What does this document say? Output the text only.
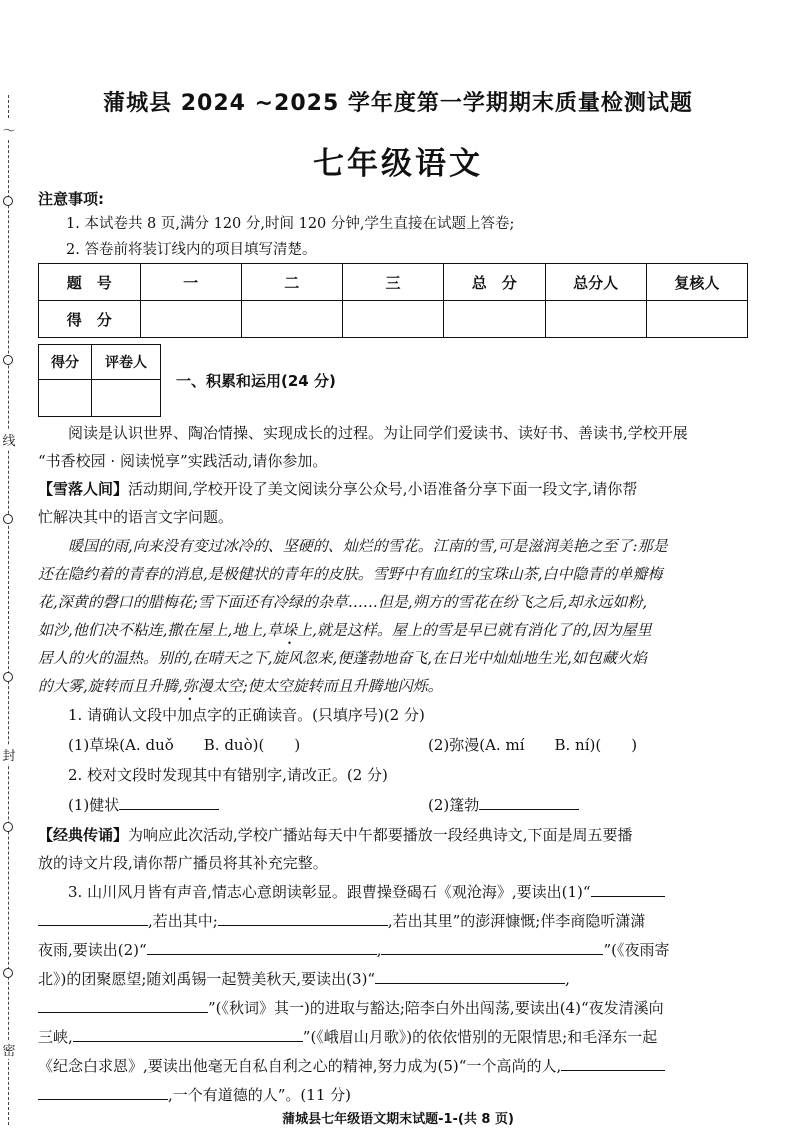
〜
线
封
密
蒲城县 2024 ~2025 学年度第一学期期末质量检测试题
七年级语文
注意事项:
1. 本试卷共 8 页,满分 120 分,时间 120 分钟,学生直接在试题上答卷;
2. 答卷前将装订线内的项目填写清楚。
题　号	一	二	三	总　分	总分人	复核人
得　分						
得分	评卷人

一、积累和运用(24 分)
阅读是认识世界、陶冶情操、实现成长的过程。为让同学们爱读书、读好书、善读书,学校开展
“书香校园 · 阅读悦享”实践活动,请你参加。
【雪落人间】活动期间,学校开设了美文阅读分享公众号,小语准备分享下面一段文字,请你帮
忙解决其中的语言文字问题。
暖国的雨,向来没有变过冰冷的、坚硬的、灿烂的雪花。江南的雪,可是滋润美艳之至了:那是
还在隐约着的青春的消息,是极健状的青年的皮肤。雪野中有血红的宝珠山茶,白中隐青的单瓣梅
花,深黄的磬口的腊梅花;雪下面还有冷绿的杂草……但是,朔方的雪花在纷飞之后,却永远如粉,
如沙,他们决不粘连,撒在屋上,地上,草垛上,就是这样。屋上的雪是早已就有消化了的,因为屋里
居人的火的温热。别的,在晴天之下,旋风忽来,便蓬勃地奋飞,在日光中灿灿地生光,如包藏火焰
的大雾,旋转而且升腾,弥漫太空;使太空旋转而且升腾地闪烁。
1. 请确认文段中加点字的正确读音。(只填序号)(2 分)
(1)草垛(A. duǒ　　B. duò)(　　)	(2)弥漫(A. mí　　B. ní)(　　)
2. 校对文段时发现其中有错别字,请改正。(2 分)
(1)健状	(2)篷勃
【经典传诵】为响应此次活动,学校广播站每天中午都要播放一段经典诗文,下面是周五要播
放的诗文片段,请你帮广播员将其补充完整。
3. 山川风月皆有声音,情志心意朗读彰显。跟曹操登碣石《观沧海》,要读出(1)“
,若出其中;	,若出其里”的澎湃慷慨;伴李商隐听潇潇
夜雨,要读出(2)“	,	”(《夜雨寄
北》)的团聚愿望;随刘禹锡一起赞美秋天,要读出(3)“	,
”(《秋词》其一)的进取与豁达;陪李白外出闯荡,要读出(4)“夜发清溪向
三峡,	”(《峨眉山月歌》)的依依惜别的无限情思;和毛泽东一起
《纪念白求恩》,要读出他毫无自私自利之心的精神,努力成为(5)“一个高尚的人,
,一个有道德的人”。(11 分)
蒲城县七年级语文期末试题-1-(共 8 页)
